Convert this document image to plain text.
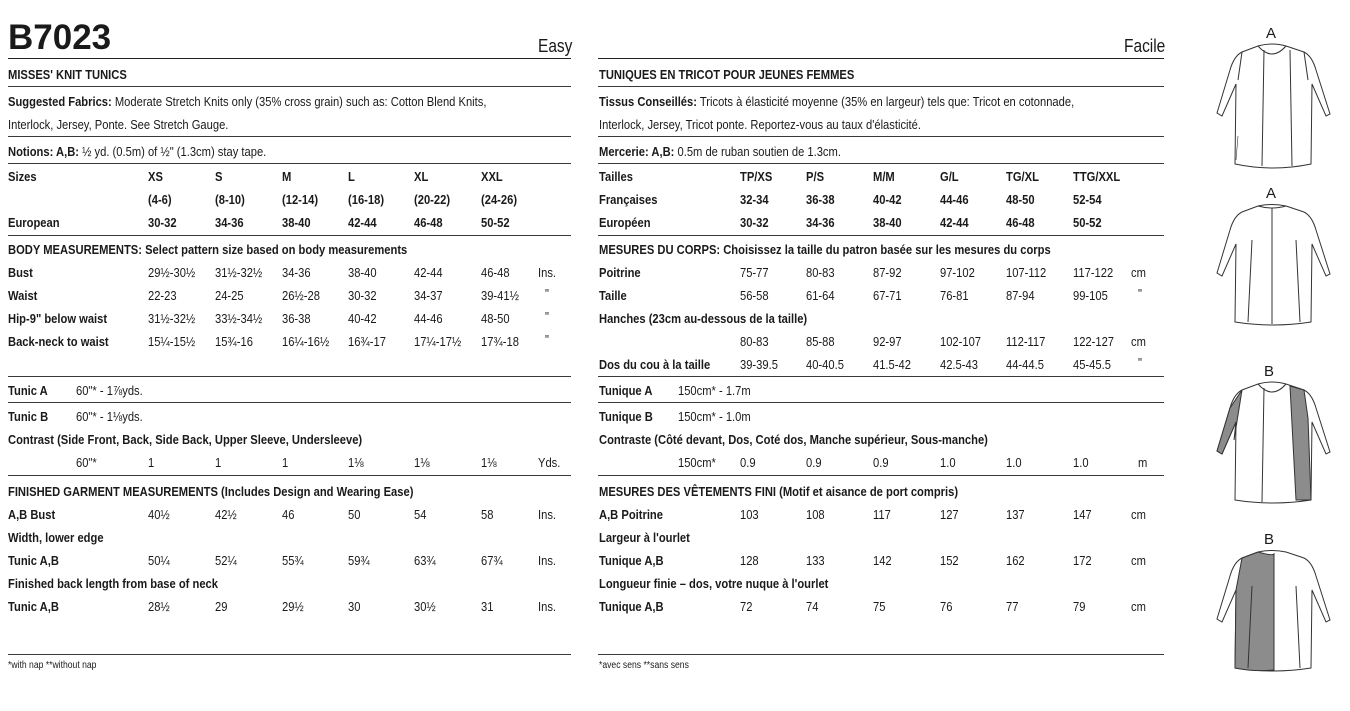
B7023	Easy	Facile
MISSES' KNIT TUNICS
Suggested Fabrics: Moderate Stretch Knits only (35% cross grain) such as: Cotton Blend Knits,
Interlock, Jersey, Ponte. See Stretch Gauge.
Notions: A,B: ½ yd. (0.5m) of ½" (1.3cm) stay tape.
Sizes	XS	S	M	L	XL	XXL
(4-6)	(8-10)	(12-14) (16-18) (20-22) (24-26)
European	30-32	34-36	38-40	42-44	46-48	50-52
BODY MEASUREMENTS: Select pattern size based on body measurements
Bust	29½-30½ 31½-32½ 34-36	38-40	42-44	46-48 Ins.
Waist	22-23	24-25	26½-28 30-32	34-37	39-41½ "
Hip-9" below waist	31½-32½ 33½-34½ 36-38	40-42	44-46	48-50	"
Back-neck to waist	15¼-15½ 15¾-16 16¼-16½ 16¾-17 17¼-17½ 17¾-18 "
Tunic A 60"* - 1⅞yds.
Tunic B 60"* - 1⅛yds.
Contrast (Side Front, Back, Side Back, Upper Sleeve, Undersleeve)
60"*	1	1	1	1⅛	1⅛	1⅛	Yds.
FINISHED GARMENT MEASUREMENTS (Includes Design and Wearing Ease)
A,B Bust	40½	42½	46	50	54	58	Ins.
Width, lower edge
Tunic A,B	50¼	52¼	55¾	59¾	63¾	67¾	Ins.
Finished back length from base of neck
Tunic A,B	28½	29	29½	30	30½	31	Ins.
*with nap **without nap
TUNIQUES EN TRICOT POUR JEUNES FEMMES
Tissus Conseillés: Tricots à élasticité moyenne (35% en largeur) tels que: Tricot en cotonnade,
Interlock, Jersey, Tricot ponte. Reportez-vous au taux d'élasticité.
Mercerie: A,B: 0.5m de ruban soutien de 1.3cm.
Tailles	TP/XS	P/S	M/M	G/L	TG/XL	TTG/XXL
Françaises	32-34	36-38	40-42	44-46	48-50	52-54
Européen	30-32	34-36	38-40	42-44	46-48	50-52
MESURES DU CORPS: Choisissez la taille du patron basée sur les mesures du corps
Poitrine	75-77	80-83	87-92	97-102 107-112 117-122 cm
Taille	56-58	61-64	67-71	76-81	87-94	99-105 "
Hanches (23cm au-dessous de la taille)
80-83	85-88	92-97	102-107 112-117 122-127 cm
Dos du cou à la taille 39-39.5 40-40.5 41.5-42 42.5-43 44-44.5 45-45.5 "
Tunique A 150cm* - 1.7m
Tunique B 150cm* - 1.0m
Contraste (Côté devant, Dos, Coté dos, Manche supérieur, Sous-manche)
150cm* 0.9	0.9	0.9	1.0	1.0	1.0	m
MESURES DES VÊTEMENTS FINI (Motif et aisance de port compris)
A,B Poitrine	103	108	117	127	137	147	cm
Largeur à l'ourlet
Tunique A,B	128	133	142	152	162	172	cm
Longueur finie – dos, votre nuque à l'ourlet
Tunique A,B	72	74	75	76	77	79	cm
*avec sens **sans sens
A
A
B
B
